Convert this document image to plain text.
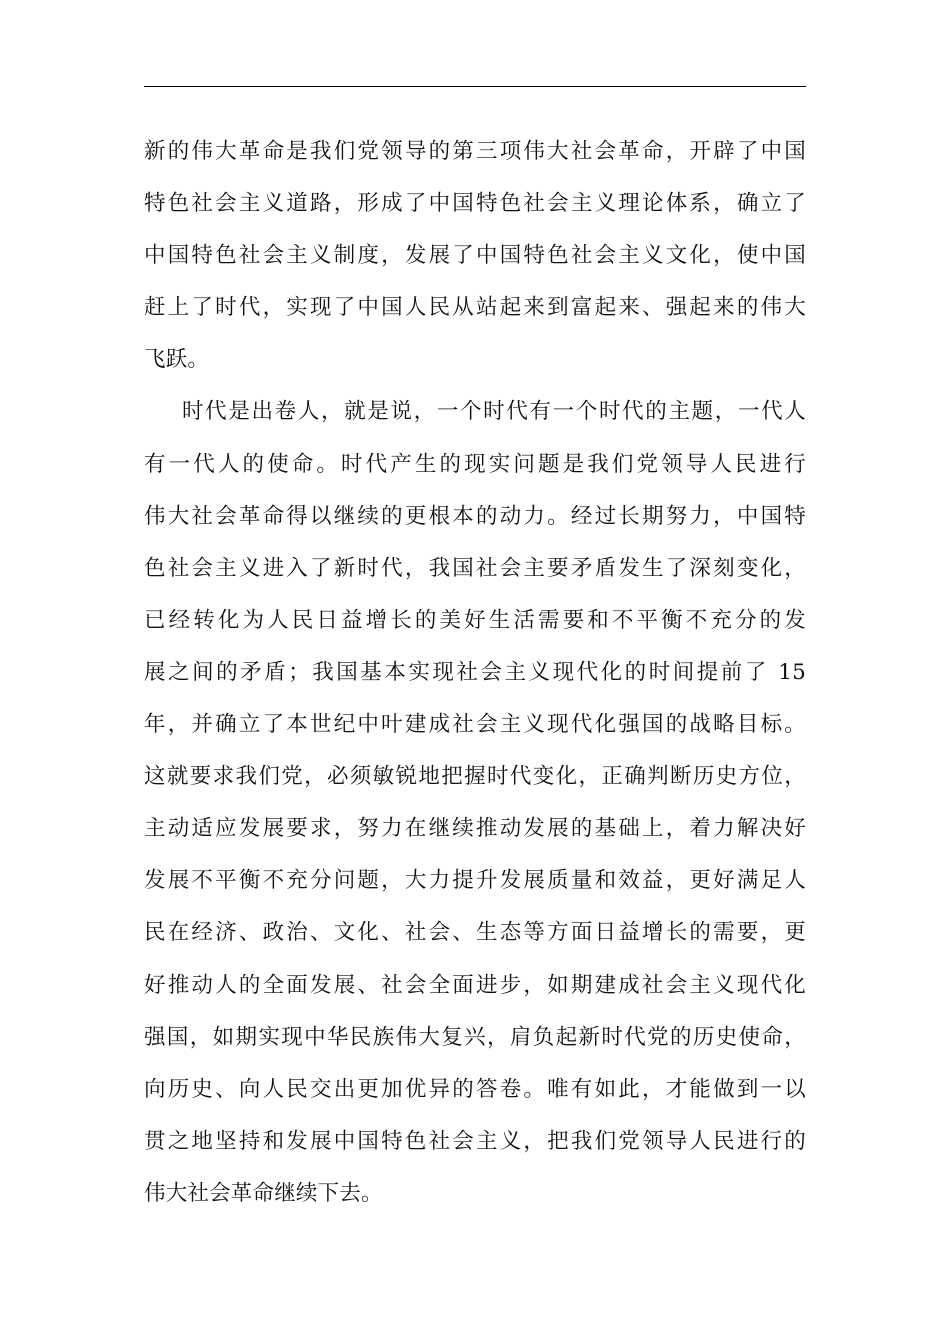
新的伟大革命是我们党领导的第三项伟大社会革命，开辟了中国
特色社会主义道路，形成了中国特色社会主义理论体系，确立了
中国特色社会主义制度，发展了中国特色社会主义文化，使中国
赶上了时代，实现了中国人民从站起来到富起来、强起来的伟大
飞跃。
时代是出卷人，就是说，一个时代有一个时代的主题，一代人
有一代人的使命。时代产生的现实问题是我们党领导人民进行
伟大社会革命得以继续的更根本的动力。经过长期努力，中国特
色社会主义进入了新时代，我国社会主要矛盾发生了深刻变化，
已经转化为人民日益增长的美好生活需要和不平衡不充分的发
展之间的矛盾；我国基本实现社会主义现代化的时间提前了 15
年，并确立了本世纪中叶建成社会主义现代化强国的战略目标。
这就要求我们党，必须敏锐地把握时代变化，正确判断历史方位，
主动适应发展要求，努力在继续推动发展的基础上，着力解决好
发展不平衡不充分问题，大力提升发展质量和效益，更好满足人
民在经济、政治、文化、社会、生态等方面日益增长的需要，更
好推动人的全面发展、社会全面进步，如期建成社会主义现代化
强国，如期实现中华民族伟大复兴，肩负起新时代党的历史使命，
向历史、向人民交出更加优异的答卷。唯有如此，才能做到一以
贯之地坚持和发展中国特色社会主义，把我们党领导人民进行的
伟大社会革命继续下去。
